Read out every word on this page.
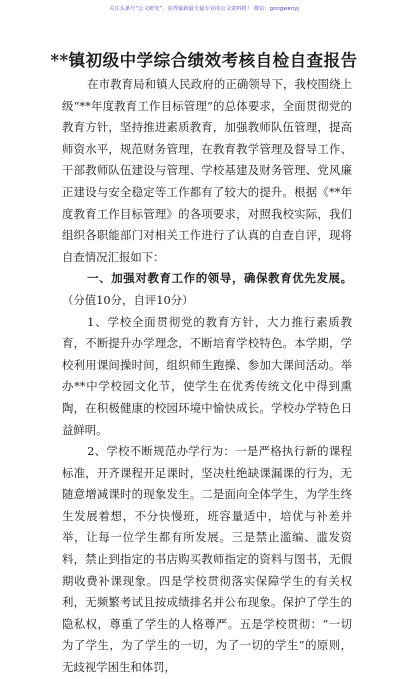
关注头条号“公文研究”，获得最新最全最专业的公文资料推！ 微信：gongwenyj
**镇初级中学综合绩效考核自检自查报告

在市教育局和镇人民政府的正确领导下，我校围绕上级“**年度教育工作目标管理”的总体要求，全面贯彻党的教育方针，坚持推进素质教育，加强教师队伍管理，提高师资水平，规范财务管理，在教育教学管理及督导工作、干部教师队伍建设与管理、学校基建及财务管理、党风廉正建设与安全稳定等工作都有了较大的提升。根据《**年度教育工作目标管理》的各项要求，对照我校实际，我们组织各职能部门对相关工作进行了认真的自查自评，现将自查情况汇报如下：

一、加强对教育工作的领导，确保教育优先发展。（分值10分，自评10分）

1、学校全面贯彻党的教育方针，大力推行素质教育，不断提升办学理念，不断培育学校特色。本学期，学校利用课间操时间，组织师生跑操、参加大课间活动。举办**中学校园文化节，使学生在优秀传统文化中得到熏陶，在积极健康的校园环境中愉快成长。学校办学特色日益鲜明。

2、学校不断规范办学行为：一是严格执行新的课程标准，开齐课程开足课时，坚决杜绝缺课漏课的行为，无随意增减课时的现象发生。二是面向全体学生，为学生终生发展着想，不分快慢班，班容量适中，培优与补差并举，让每一位学生都有所发展。三是禁止滥编、滥发资料，禁止到指定的书店购买教师指定的资料与图书，无假期收费补课现象。四是学校贯彻落实保障学生的有关权利，无频繁考试且按成绩排名并公布现象。保护了学生的隐私权，尊重了学生的人格尊严。五是学校贯彻：“一切为了学生，为了学生的一切，为了一切的学生”的原则，无歧视学困生和体罚，
